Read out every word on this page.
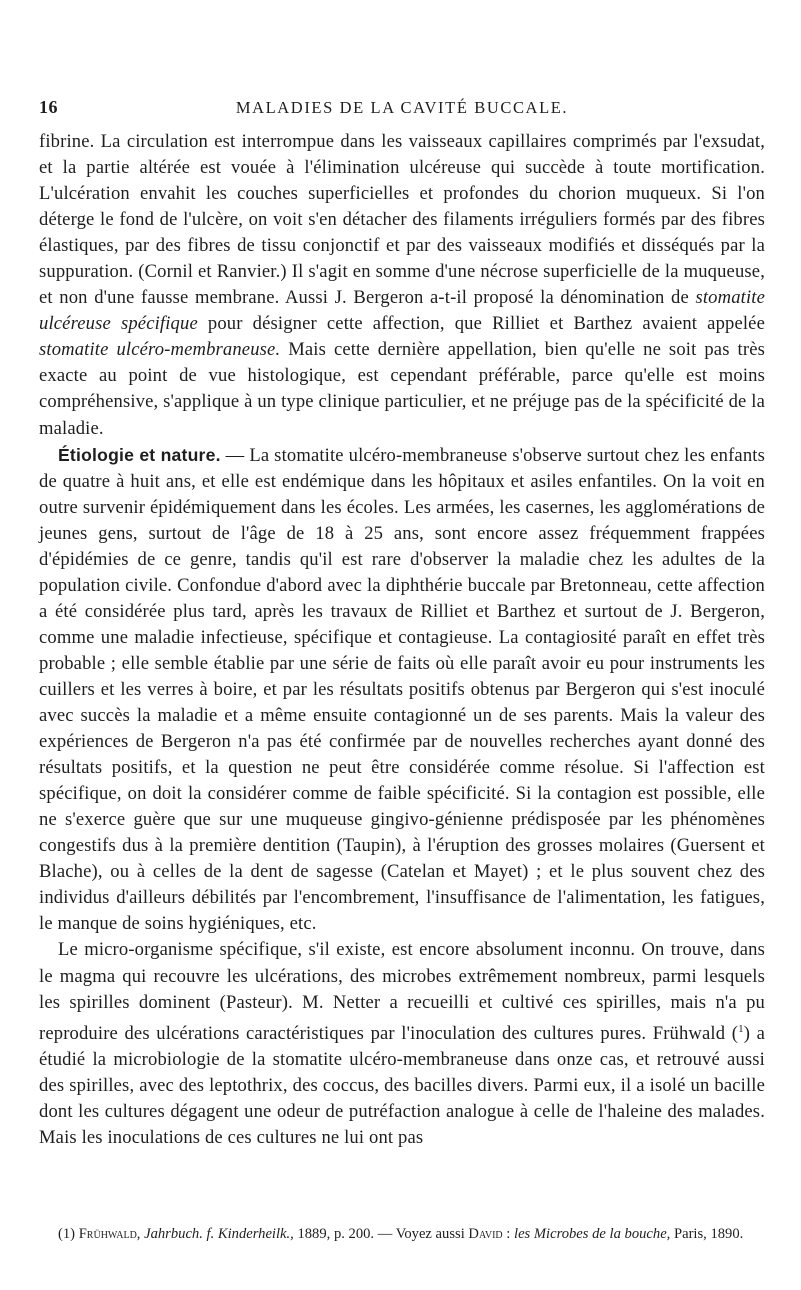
16	MALADIES DE LA CAVITÉ BUCCALE.

fibrine. La circulation est interrompue dans les vaisseaux capillaires comprimés par l'exsudat, et la partie altérée est vouée à l'élimination ulcéreuse qui succède à toute mortification. L'ulcération envahit les couches superficielles et profondes du chorion muqueux. Si l'on déterge le fond de l'ulcère, on voit s'en détacher des filaments irréguliers formés par des fibres élastiques, par des fibres de tissu conjonctif et par des vaisseaux modifiés et disséqués par la suppuration. (Cornil et Ranvier.) Il s'agit en somme d'une nécrose superficielle de la muqueuse, et non d'une fausse membrane. Aussi J. Bergeron a-t-il proposé la dénomination de stomatite ulcéreuse spécifique pour désigner cette affection, que Rilliet et Barthez avaient appelée stomatite ulcéro-membraneuse. Mais cette dernière appellation, bien qu'elle ne soit pas très exacte au point de vue histologique, est cependant préférable, parce qu'elle est moins compréhensive, s'applique à un type clinique particulier, et ne préjuge pas de la spécificité de la maladie.

Étiologie et nature. — La stomatite ulcéro-membraneuse s'observe surtout chez les enfants de quatre à huit ans, et elle est endémique dans les hôpitaux et asiles enfantiles. On la voit en outre survenir épidémiquement dans les écoles. Les armées, les casernes, les agglomérations de jeunes gens, surtout de l'âge de 18 à 25 ans, sont encore assez fréquemment frappées d'épidémies de ce genre, tandis qu'il est rare d'observer la maladie chez les adultes de la population civile. Confondue d'abord avec la diphthérie buccale par Bretonneau, cette affection a été considérée plus tard, après les travaux de Rilliet et Barthez et surtout de J. Bergeron, comme une maladie infectieuse, spécifique et contagieuse. La contagiosité paraît en effet très probable ; elle semble établie par une série de faits où elle paraît avoir eu pour instruments les cuillers et les verres à boire, et par les résultats positifs obtenus par Bergeron qui s'est inoculé avec succès la maladie et a même ensuite contagionné un de ses parents. Mais la valeur des expériences de Bergeron n'a pas été confirmée par de nouvelles recherches ayant donné des résultats positifs, et la question ne peut être considérée comme résolue. Si l'affection est spécifique, on doit la considérer comme de faible spécificité. Si la contagion est possible, elle ne s'exerce guère que sur une muqueuse gingivo-génienne prédisposée par les phénomènes congestifs dus à la première dentition (Taupin), à l'éruption des grosses molaires (Guersent et Blache), ou à celles de la dent de sagesse (Catelan et Mayet) ; et le plus souvent chez des individus d'ailleurs débilités par l'encombrement, l'insuffisance de l'alimentation, les fatigues, le manque de soins hygiéniques, etc.

Le micro-organisme spécifique, s'il existe, est encore absolument inconnu. On trouve, dans le magma qui recouvre les ulcérations, des microbes extrêmement nombreux, parmi lesquels les spirilles dominent (Pasteur). M. Netter a recueilli et cultivé ces spirilles, mais n'a pu reproduire des ulcérations caractéristiques par l'inoculation des cultures pures. Frühwald ($^1$) a étudié la microbiologie de la stomatite ulcéro-membraneuse dans onze cas, et retrouvé aussi des spirilles, avec des leptothrix, des coccus, des bacilles divers. Parmi eux, il a isolé un bacille dont les cultures dégagent une odeur de putréfaction analogue à celle de l'haleine des malades. Mais les inoculations de ces cultures ne lui ont pas

(1) Frühwald, Jahrbuch. f. Kinderheilk., 1889, p. 200. — Voyez aussi David : les Microbes de la bouche, Paris, 1890.
